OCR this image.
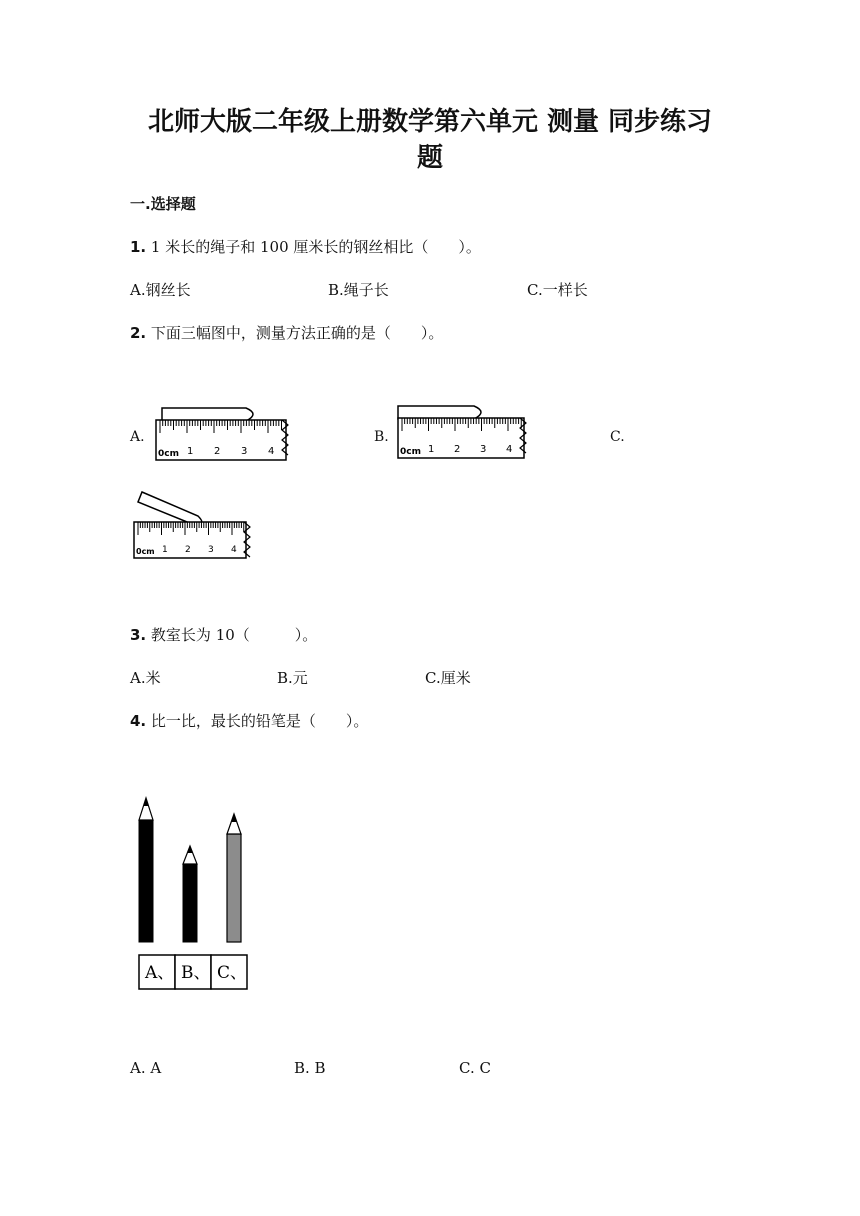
北师大版二年级上册数学第六单元 测量 同步练习
题
一.选择题
1. 1 米长的绳子和 100 厘米长的钢丝相比（　　）。
A.钢丝长	B.绳子长	C.一样长
2. 下面三幅图中，测量方法正确的是（　　）。
A.	B.	C.
0cm 1 2 3 4	0cm 1 2 3 4
0cm 1 2 3 4
3. 教室长为 10（　　　）。
A.米	B.元	C.厘米
4. 比一比，最长的铅笔是（　　）。
A、 B、 C、
A. A	B. B	C. C
